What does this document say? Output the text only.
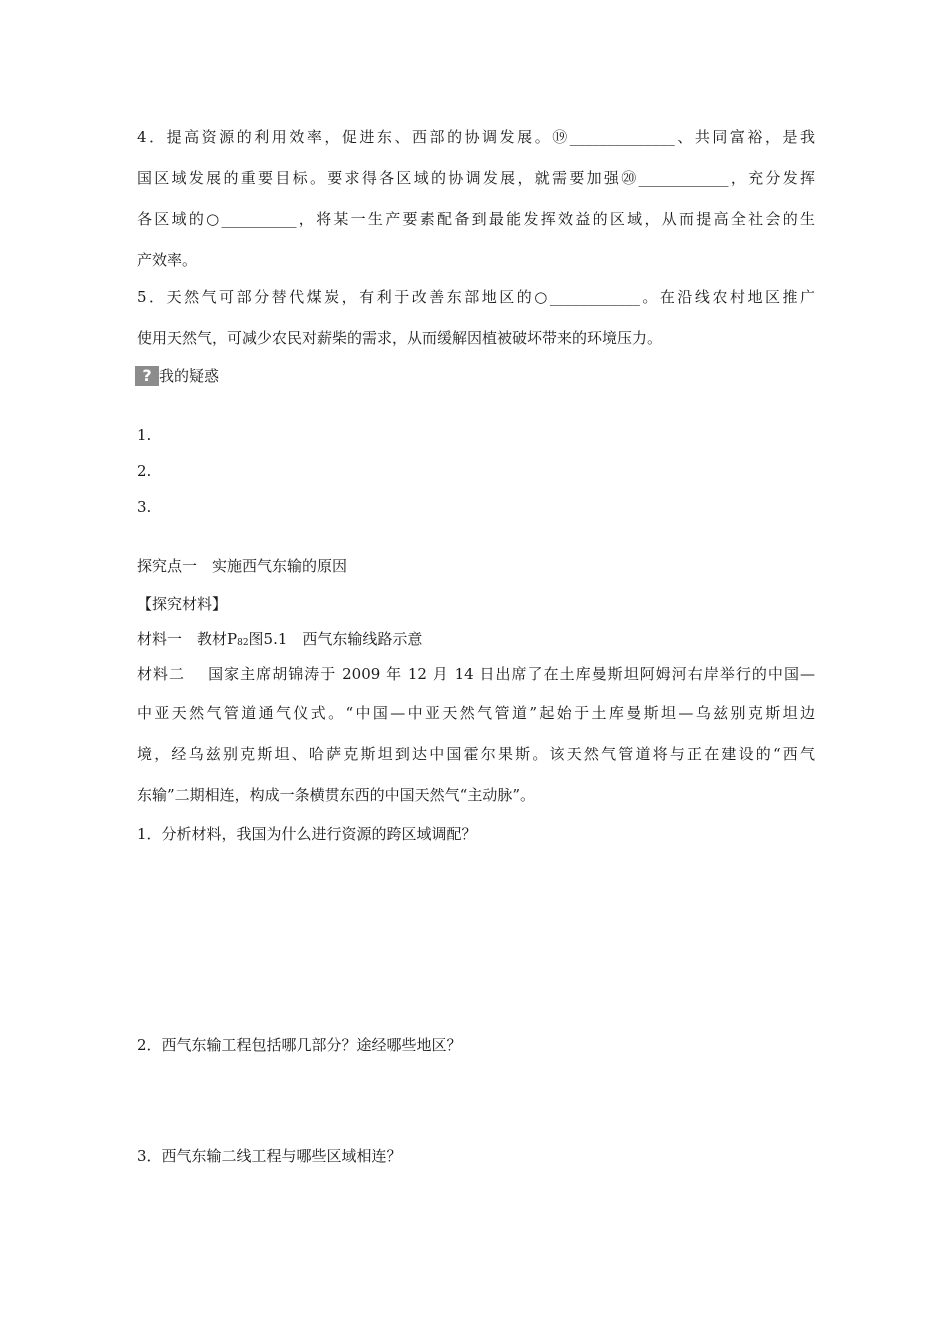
4．提高资源的利用效率，促进东、西部的协调发展。⑲______________、共同富裕，是我

国区域发展的重要目标。要求得各区域的协调发展，就需要加强⑳____________，充分发挥

各区域的○__________，将某一生产要素配备到最能发挥效益的区域，从而提高全社会的生

产效率。

5．天然气可部分替代煤炭，有利于改善东部地区的○____________。在沿线农村地区推广

使用天然气，可减少农民对薪柴的需求，从而缓解因植被破坏带来的环境压力。

? 我的疑惑

1.

2.

3.

探究点一　实施西气东输的原因

【探究材料】

材料一　教材$P_{82}$图5.1　西气东输线路示意

材料二 国家主席胡锦涛于 2009 年 12 月 14 日出席了在土库曼斯坦阿姆河右岸举行的中国—

中亚天然气管道通气仪式。“中国—中亚天然气管道”起始于土库曼斯坦—乌兹别克斯坦边

境，经乌兹别克斯坦、哈萨克斯坦到达中国霍尔果斯。该天然气管道将与正在建设的“西气

东输”二期相连，构成一条横贯东西的中国天然气“主动脉”。

1．分析材料，我国为什么进行资源的跨区域调配？

2．西气东输工程包括哪几部分？途经哪些地区？

3．西气东输二线工程与哪些区域相连？
